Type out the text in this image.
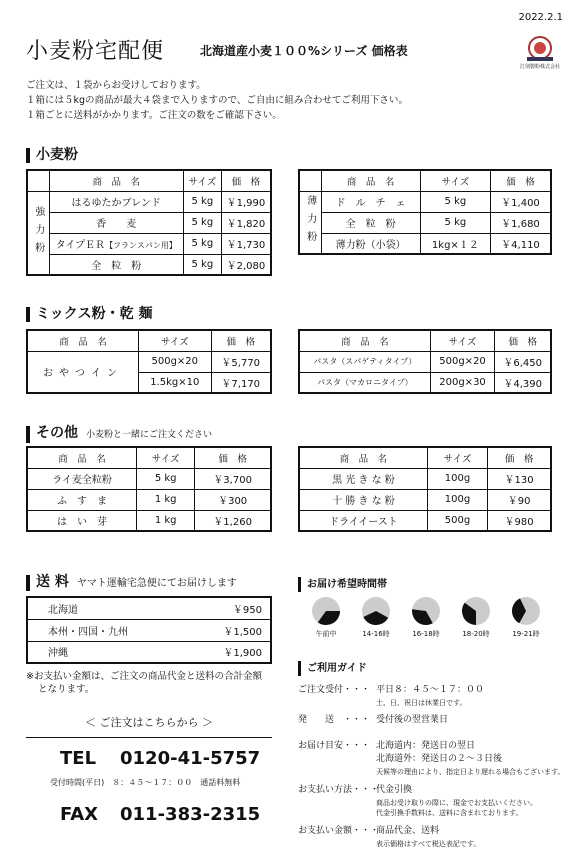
2022.2.1
小麦粉宅配便	北海道産小麦１００%シリーズ 価格表
江別製粉株式会社
ご注文は、１袋からお受けしております。
１箱には５kgの商品が最大４袋まで入りますので、ご自由に組み合わせてご利用下さい。
１箱ごとに送料がかかります。ご注文の数をご確認下さい。
小麦粉
	商　品　名	サイズ	価　格
強力粉	はるゆたかブレンド	5 kg	￥1,990
	香　　麦	5 kg	￥1,820
	タイプＥＲ【フランスパン用】	5 kg	￥1,730
	全　粒　粉	5 kg	￥2,080
	商　品　名	サイズ	価　格
薄力粉	ド　ル　チ　ェ	5 kg	￥1,400
	全　粒　粉	5 kg	￥1,680
	薄力粉（小袋）	1kg×１２	￥4,110
ミックス粉・乾 麺
商　品　名	サイズ	価　格
おやつイン	500g×20	￥5,770
	1.5kg×10	￥7,170
商　品　名	サイズ	価　格
パスタ（スパゲティタイプ）	500g×20	￥6,450
パスタ（マカロニタイプ）	200g×30	￥4,390
その他 小麦粉と一緒にご注文ください
商　品　名	サイズ	価　格
ライ麦全粒粉	5 kg	￥3,700
ふ　す　ま	1 kg	￥300
は　い　芽	1 kg	￥1,260
商　品　名	サイズ	価　格
黒 光 き な 粉	100g	￥130
十 勝 き な 粉	100g	￥90
ドライイースト	500g	￥980
送 料 ヤマト運輸宅急便にてお届けします
北海道	￥950
本州・四国・九州	￥1,500
沖縄	￥1,900
※お支払い金額は、ご注文の商品代金と送料の合計金額
となります。
＜ ご注文はこちらから ＞
TEL 0120-41-5757
受付時間(平日)　８：４５～１７：００　通話料無料
FAX 011-383-2315
お届け希望時間帯
午前中	14-16時	16-18時	18-20時	19-21時
ご利用ガイド
ご注文受付・・・ 平日８：４５～１７：００
土、日、祝日は休業日です。
発　　送　・・・ 受付後の翌営業日
お届け目安・・・ 北海道内：発送日の翌日
北海道外：発送日の２～３日後
天候等の理由により、指定日より遅れる場合もございます。
お支払い方法・・・代金引換
商品お受け取りの際に、現金でお支払いください。
代金引換手数料は、送料に含まれております。
お支払い金額・・・商品代金、送料
表示価格はすべて税込表記です。
